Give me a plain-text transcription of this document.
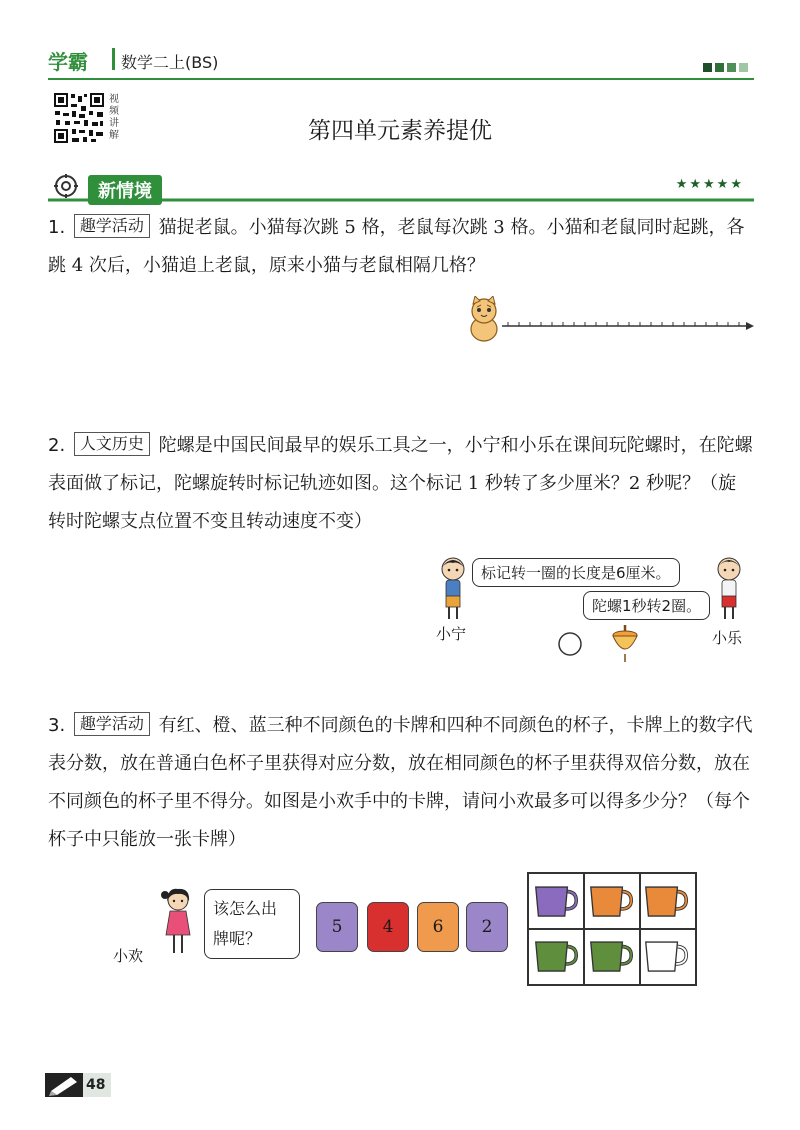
学霸 数学二上(BS)
视频讲解	第四单元素养提优
新情境	★★★★★
1. 趣学活动 猫捉老鼠。小猫每次跳 5 格，老鼠每次跳 3 格。小猫和老鼠同时起跳，各跳 4 次后，小猫追上老鼠，原来小猫与老鼠相隔几格？
2. 人文历史 陀螺是中国民间最早的娱乐工具之一，小宁和小乐在课间玩陀螺时，在陀螺表面做了标记，陀螺旋转时标记轨迹如图。这个标记 1 秒转了多少厘米？2 秒呢？（旋转时陀螺支点位置不变且转动速度不变）
标记转一圈的长度是6厘米。
陀螺1秒转2圈。
小宁	小乐
3. 趣学活动 有红、橙、蓝三种不同颜色的卡牌和四种不同颜色的杯子，卡牌上的数字代表分数，放在普通白色杯子里获得对应分数，放在相同颜色的杯子里获得双倍分数，放在不同颜色的杯子里不得分。如图是小欢手中的卡牌，请问小欢最多可以得多少分？（每个杯子中只能放一张卡牌）
该怎么出牌呢？
小欢
5	4	6	2
48
